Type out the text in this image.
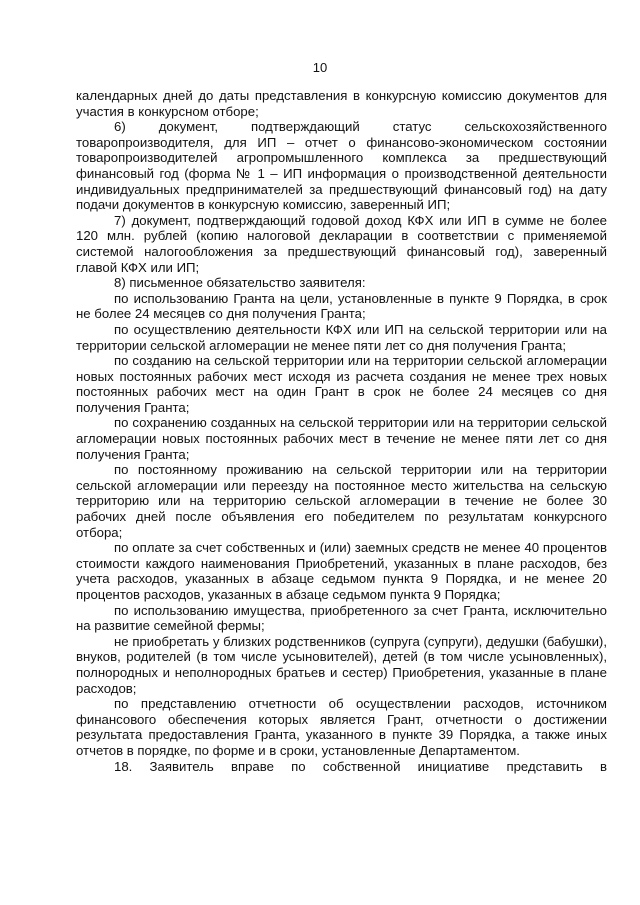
10

календарных дней до даты представления в конкурсную комиссию документов для участия в конкурсном отборе;

6) документ, подтверждающий статус сельскохозяйственного товаропроизводителя, для ИП – отчет о финансово-экономическом состоянии товаропроизводителей агропромышленного комплекса за предшествующий финансовый год (форма № 1 – ИП информация о производственной деятельности индивидуальных предпринимателей за предшествующий финансовый год) на дату подачи документов в конкурсную комиссию, заверенный ИП;

7) документ, подтверждающий годовой доход КФХ или ИП в сумме не более 120 млн. рублей (копию налоговой декларации в соответствии с применяемой системой налогообложения за предшествующий финансовый год), заверенный главой КФХ или ИП;

8) письменное обязательство заявителя:

по использованию Гранта на цели, установленные в пункте 9 Порядка, в срок не более 24 месяцев со дня получения Гранта;

по осуществлению деятельности КФХ или ИП на сельской территории или на территории сельской агломерации не менее пяти лет со дня получения Гранта;

по созданию на сельской территории или на территории сельской агломерации новых постоянных рабочих мест исходя из расчета создания не менее трех новых постоянных рабочих мест на один Грант в срок не более 24 месяцев со дня получения Гранта;

по сохранению созданных на сельской территории или на территории сельской агломерации новых постоянных рабочих мест в течение не менее пяти лет со дня получения Гранта;

по постоянному проживанию на сельской территории или на территории сельской агломерации или переезду на постоянное место жительства на сельскую территорию или на территорию сельской агломерации в течение не более 30 рабочих дней после объявления его победителем по результатам конкурсного отбора;

по оплате за счет собственных и (или) заемных средств не менее 40 процентов стоимости каждого наименования Приобретений, указанных в плане расходов, без учета расходов, указанных в абзаце седьмом пункта 9 Порядка, и не менее 20 процентов расходов, указанных в абзаце седьмом пункта 9 Порядка;

по использованию имущества, приобретенного за счет Гранта, исключительно на развитие семейной фермы;

не приобретать у близких родственников (супруга (супруги), дедушки (бабушки), внуков, родителей (в том числе усыновителей), детей (в том числе усыновленных), полнородных и неполнородных братьев и сестер) Приобретения, указанные в плане расходов;

по представлению отчетности об осуществлении расходов, источником финансового обеспечения которых является Грант, отчетности о достижении результата предоставления Гранта, указанного в пункте 39 Порядка, а также иных отчетов в порядке, по форме и в сроки, установленные Департаментом.

18. Заявитель вправе по собственной инициативе представить в
